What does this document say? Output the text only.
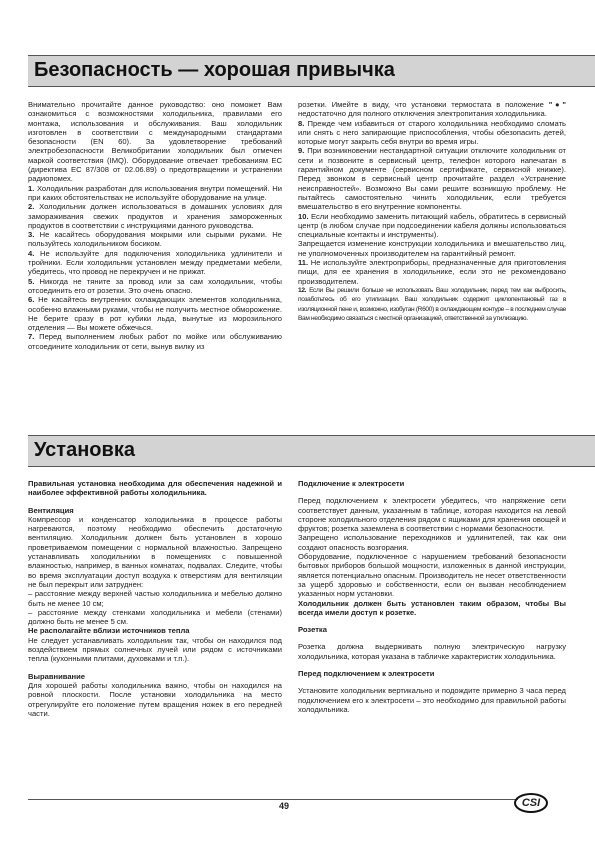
Безопасность — хорошая привычка

Внимательно прочитайте данное руководство: оно поможет Вам ознакомиться с возможностями холодильника, правилами его монтажа, использования и обслуживания. Ваш холодильник изготовлен в соответствии с международными стандартами безопасности (EN 60). За удовлетворение требований электробезопасности Великобритании холодильник был отмечен маркой соответствия (IMQ). Оборудование отвечает требованиям ЕС (директива ЕС 87/308 от 02.06.89) о предотвращении и устранении радиопомех.

1. Холодильник разработан для использования внутри помещений. Ни при каких обстоятельствах не используйте оборудование на улице.

2. Холодильник должен использоваться в домашних условиях для замораживания свежих продуктов и хранения замороженных продуктов в соответствии с инструкциями данного руководства.

3. Не касайтесь оборудования мокрыми или сырыми руками. Не пользуйтесь холодильником босиком.

4. Не используйте для подключения холодильника удлинители и тройники. Если холодильник установлен между предметами мебели, убедитесь, что провод не перекручен и не прижат.

5. Никогда не тяните за провод или за сам холодильник, чтобы отсоединить его от розетки. Это очень опасно.

6. Не касайтесь внутренних охлаждающих элементов холодильника, особенно влажными руками, чтобы не получить местное обморожение. Не берите сразу в рот кубики льда, вынутые из морозильного отделения — Вы можете обжечься.

7. Перед выполнением любых работ по мойке или обслуживанию отсоедините холодильник от сети, вынув вилку из

розетки. Имейте в виду, что установки термостата в положение "●" недостаточно для полного отключения электропитания холодильника.

8. Прежде чем избавиться от старого холодильника необходимо сломать или снять с него запирающие приспособления, чтобы обезопасить детей, которые могут закрыть себя внутри во время игры.

9. При возникновении нестандартной ситуации отключите холодильник от сети и позвоните в сервисный центр, телефон которого напечатан в гарантийном документе (сервисном сертификате, сервисной книжке). Перед звонком в сервисный центр прочитайте раздел «Устранение неисправностей». Возможно Вы сами решите возникшую проблему. Не пытайтесь самостоятельно чинить холодильник, если требуется вмешательство в его внутренние компоненты.

10. Если необходимо заменить питающий кабель, обратитесь в сервисный центр (в любом случае при подсоединении кабеля должны использоваться специальные контакты и инструменты).

Запрещается изменение конструкции холодильника и вмешательство лиц, не уполномоченных производителем на гарантийный ремонт.

11. Не используйте электроприборы, предназначенные для приготовления пищи, для ее хранения в холодильнике, если это не рекомендовано производителем.

12. Если Вы решили больше не использовать Ваш холодильник, перед тем как выбросить, позаботьтесь об его утилизации. Ваш холодильник содержит циклопентановый газ в изоляционной пене и, возможно, изобутан (R600) в охлаждающем контуре – в последнем случае Вам необходимо связаться с местной организацией, ответственной за утилизацию.

Установка

Правильная установка необходима для обеспечения надежной и наиболее эффективной работы холодильника.

Вентиляция

Компрессор и конденсатор холодильника в процессе работы нагреваются, поэтому необходимо обеспечить достаточную вентиляцию. Холодильник должен быть установлен в хорошо проветриваемом помещении с нормальной влажностью. Запрещено устанавливать холодильники в помещениях с повышенной влажностью, например, в ванных комнатах, подвалах. Следите, чтобы во время эксплуатации доступ воздуха к отверстиям для вентиляции не был перекрыт или затруднен:

– расстояние между верхней частью холодильника и мебелью должно быть не менее 10 см;

– расстояние между стенками холодильника и мебели (стенами) должно быть не менее 5 см.

Не располагайте вблизи источников тепла

Не следует устанавливать холодильник так, чтобы он находился под воздействием прямых солнечных лучей или рядом с источниками тепла (кухонными плитами, духовками и т.п.).

Выравнивание

Для хорошей работы холодильника важно, чтобы он находился на ровной плоскости. После установки холодильника на место отрегулируйте его положение путем вращения ножек в его передней части.

Подключение к электросети

Перед подключением к электросети убедитесь, что напряжение сети соответствует данным, указанным в таблице, которая находится на левой стороне холодильного отделения рядом с ящиками для хранения овощей и фруктов; розетка заземлена в соответствии с нормами безопасности.

Запрещено использование переходников и удлинителей, так как они создают опасность возгорания.

Оборудование, подключенное с нарушением требований безопасности бытовых приборов большой мощности, изложенных в данной инструкции, является потенциально опасным. Производитель не несет ответственности за ущерб здоровью и собственности, если он вызван несоблюдением указанных норм установки.

Холодильник должен быть установлен таким образом, чтобы Вы всегда имели доступ к розетке.

Розетка

Розетка должна выдерживать полную электрическую нагрузку холодильника, которая указана в табличке характеристик холодильника.

Перед подключением к электросети

Установите холодильник вертикально и подождите примерно 3 часа перед подключением его к электросети – это необходимо для правильной работы холодильника.

49	CSI
